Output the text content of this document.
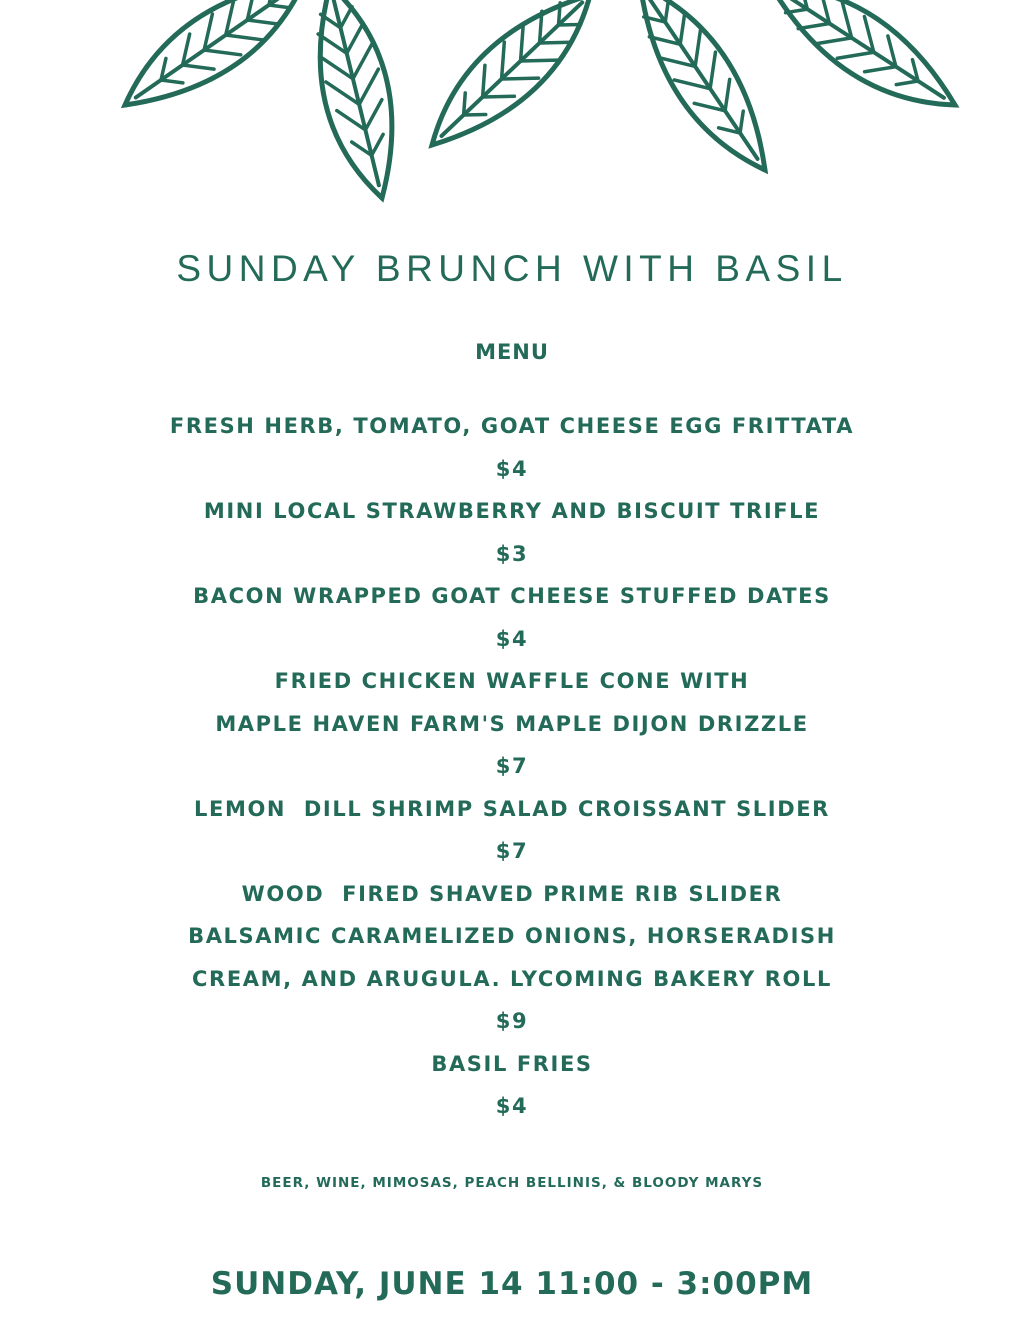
SUNDAY BRUNCH WITH BASIL
MENU
FRESH HERB, TOMATO, GOAT CHEESE EGG FRITTATA
$4
MINI LOCAL STRAWBERRY AND BISCUIT TRIFLE
$3
BACON WRAPPED GOAT CHEESE STUFFED DATES
$4
FRIED CHICKEN WAFFLE CONE WITH
MAPLE HAVEN FARM'S MAPLE DIJON DRIZZLE
$7
LEMON  DILL SHRIMP SALAD CROISSANT SLIDER
$7
WOOD  FIRED SHAVED PRIME RIB SLIDER
BALSAMIC CARAMELIZED ONIONS, HORSERADISH
CREAM, AND ARUGULA. LYCOMING BAKERY ROLL
$9
BASIL FRIES
$4
BEER, WINE, MIMOSAS, PEACH BELLINIS, & BLOODY MARYS
SUNDAY, JUNE 14 11:00 - 3:00PM
